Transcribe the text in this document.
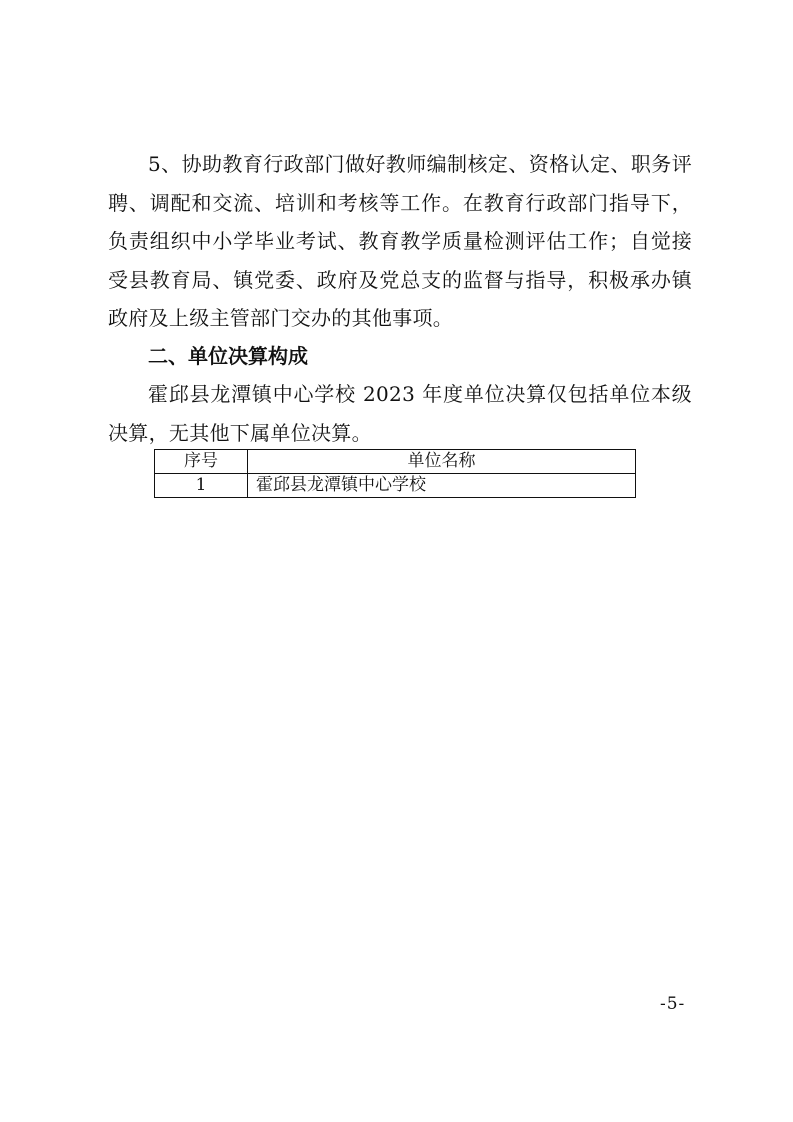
5、协助教育行政部门做好教师编制核定、资格认定、职务评聘、调配和交流、培训和考核等工作。在教育行政部门指导下，负责组织中小学毕业考试、教育教学质量检测评估工作；自觉接受县教育局、镇党委、政府及党总支的监督与指导，积极承办镇政府及上级主管部门交办的其他事项。

二、单位决算构成

霍邱县龙潭镇中心学校 2023 年度单位决算仅包括单位本级决算，无其他下属单位决算。

序号	单位名称
1	霍邱县龙潭镇中心学校
-5-
